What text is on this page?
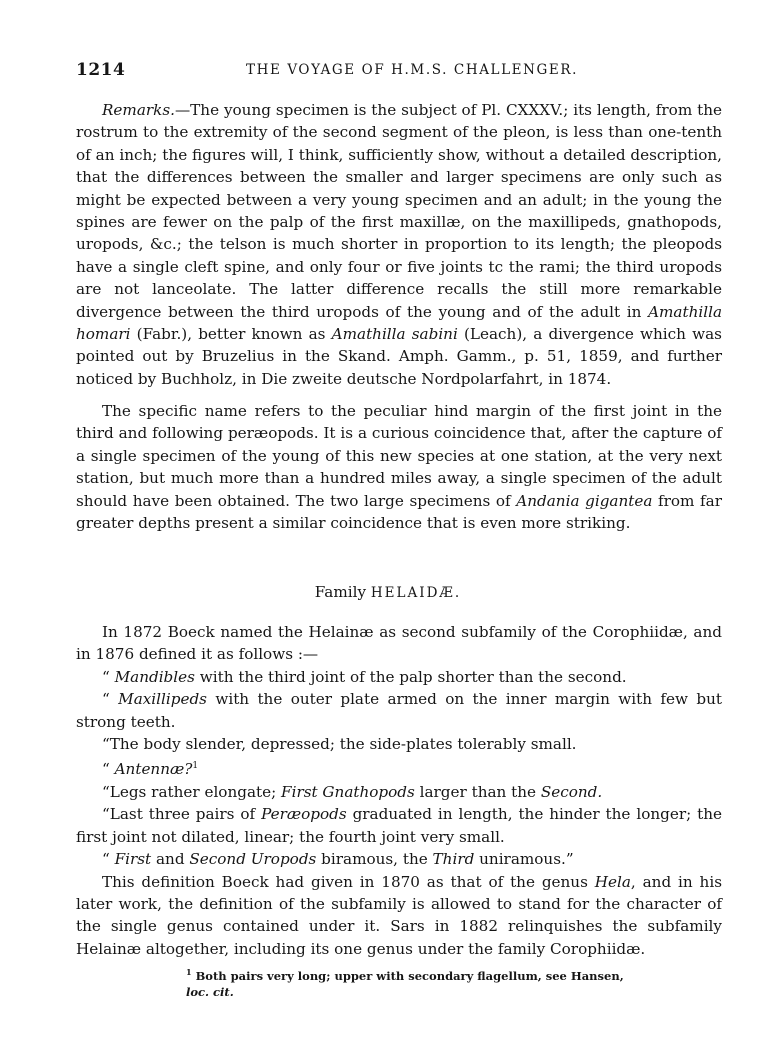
1214	THE VOYAGE OF H.M.S. CHALLENGER.

Remarks.—The young specimen is the subject of Pl. CXXXV.; its length, from the rostrum to the extremity of the second segment of the pleon, is less than one-tenth of an inch; the figures will, I think, sufficiently show, without a detailed description, that the differences between the smaller and larger specimens are only such as might be expected between a very young specimen and an adult; in the young the spines are fewer on the palp of the first maxillæ, on the maxillipeds, gnathopods, uropods, &c.; the telson is much shorter in proportion to its length; the pleopods have a single cleft spine, and only four or five joints tc the rami; the third uropods are not lanceolate. The latter difference recalls the still more remarkable divergence between the third uropods of the young and of the adult in Amathilla homari (Fabr.), better known as Amathilla sabini (Leach), a divergence which was pointed out by Bruzelius in the Skand. Amph. Gamm., p. 51, 1859, and further noticed by Buchholz, in Die zweite deutsche Nordpolarfahrt, in 1874.

The specific name refers to the peculiar hind margin of the first joint in the third and following peræopods. It is a curious coincidence that, after the capture of a single specimen of the young of this new species at one station, at the very next station, but much more than a hundred miles away, a single specimen of the adult should have been obtained. The two large specimens of Andania gigantea from far greater depths present a similar coincidence that is even more striking.

Family HELAIDÆ.

In 1872 Boeck named the Helainæ as second subfamily of the Corophiidæ, and in 1876 defined it as follows :—

“ Mandibles with the third joint of the palp shorter than the second.

“ Maxillipeds with the outer plate armed on the inner margin with few but strong teeth.

“The body slender, depressed; the side-plates tolerably small.

“ Antennæ?$^1$

“Legs rather elongate; First Gnathopods larger than the Second.

“Last three pairs of Peræopods graduated in length, the hinder the longer; the first joint not dilated, linear; the fourth joint very small.

“ First and Second Uropods biramous, the Third uniramous.”

This definition Boeck had given in 1870 as that of the genus Hela, and in his later work, the definition of the subfamily is allowed to stand for the character of the single genus contained under it. Sars in 1882 relinquishes the subfamily Helainæ altogether, including its one genus under the family Corophiidæ.

$^1$ Both pairs very long; upper with secondary flagellum, see Hansen, loc. cit.
